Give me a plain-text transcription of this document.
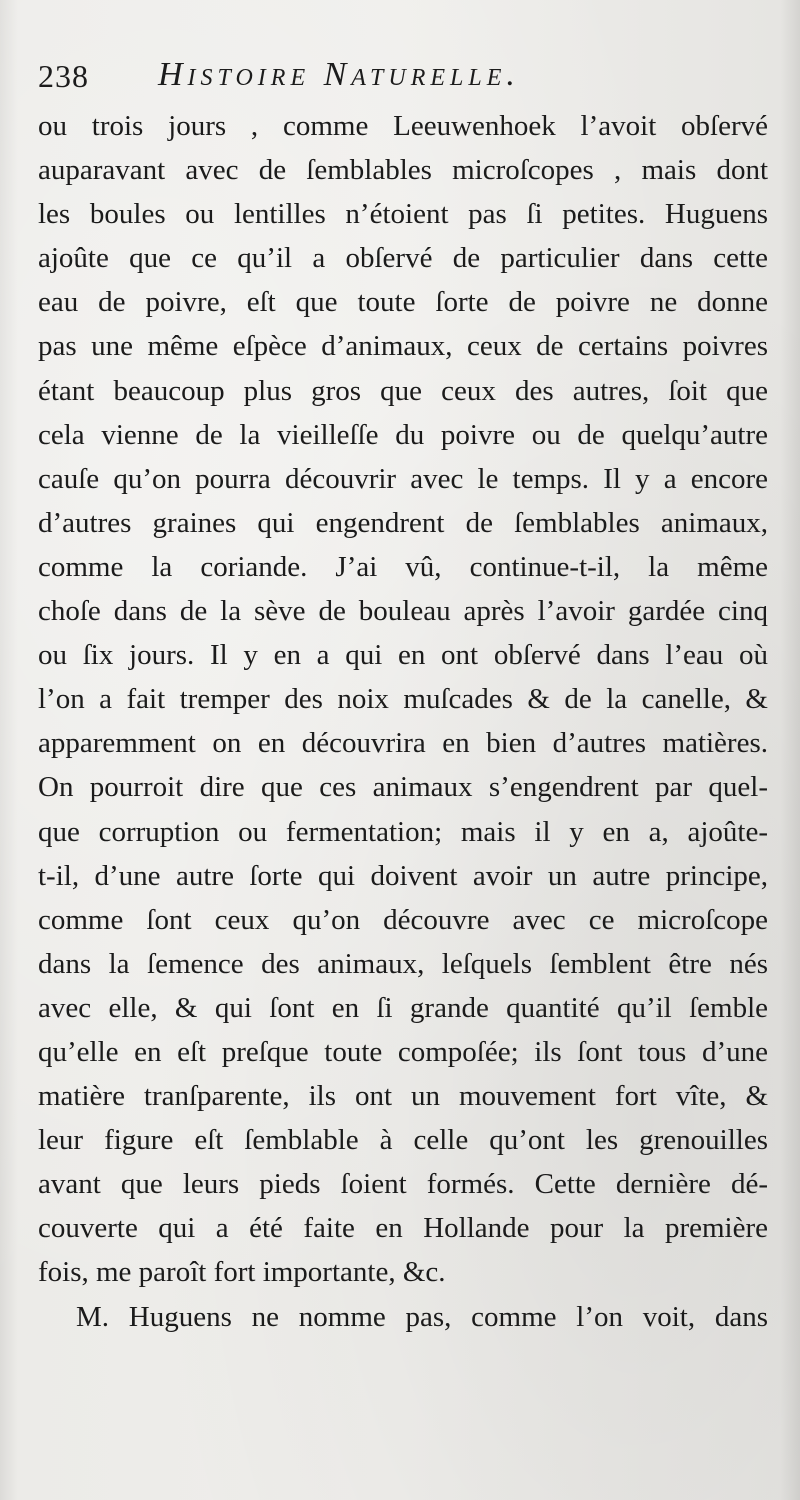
238 Histoire Naturelle.
ou trois jours , comme Leeuwenhoek l’avoit obſervé
auparavant avec de ſemblables microſcopes , mais dont
les boules ou lentilles n’étoient pas ſi petites. Huguens
ajoûte que ce qu’il a obſervé de particulier dans cette
eau de poivre, eſt que toute ſorte de poivre ne donne
pas une même eſpèce d’animaux, ceux de certains poivres
étant beaucoup plus gros que ceux des autres, ſoit que
cela vienne de la vieilleſſe du poivre ou de quelqu’autre
cauſe qu’on pourra découvrir avec le temps. Il y a encore
d’autres graines qui engendrent de ſemblables animaux,
comme la coriande. J’ai vû, continue-t-il, la même
choſe dans de la sève de bouleau après l’avoir gardée cinq
ou ſix jours. Il y en a qui en ont obſervé dans l’eau où
l’on a fait tremper des noix muſcades & de la canelle, &
apparemment on en découvrira en bien d’autres matières.
On pourroit dire que ces animaux s’engendrent par quel-
que corruption ou fermentation; mais il y en a, ajoûte-
t-il, d’une autre ſorte qui doivent avoir un autre principe,
comme ſont ceux qu’on découvre avec ce microſcope
dans la ſemence des animaux, leſquels ſemblent être nés
avec elle, & qui ſont en ſi grande quantité qu’il ſemble
qu’elle en eſt preſque toute compoſée; ils ſont tous d’une
matière tranſparente, ils ont un mouvement fort vîte, &
leur figure eſt ſemblable à celle qu’ont les grenouilles
avant que leurs pieds ſoient formés. Cette dernière dé-
couverte qui a été faite en Hollande pour la première
fois, me paroît fort importante, &c.
M. Huguens ne nomme pas, comme l’on voit, dans
